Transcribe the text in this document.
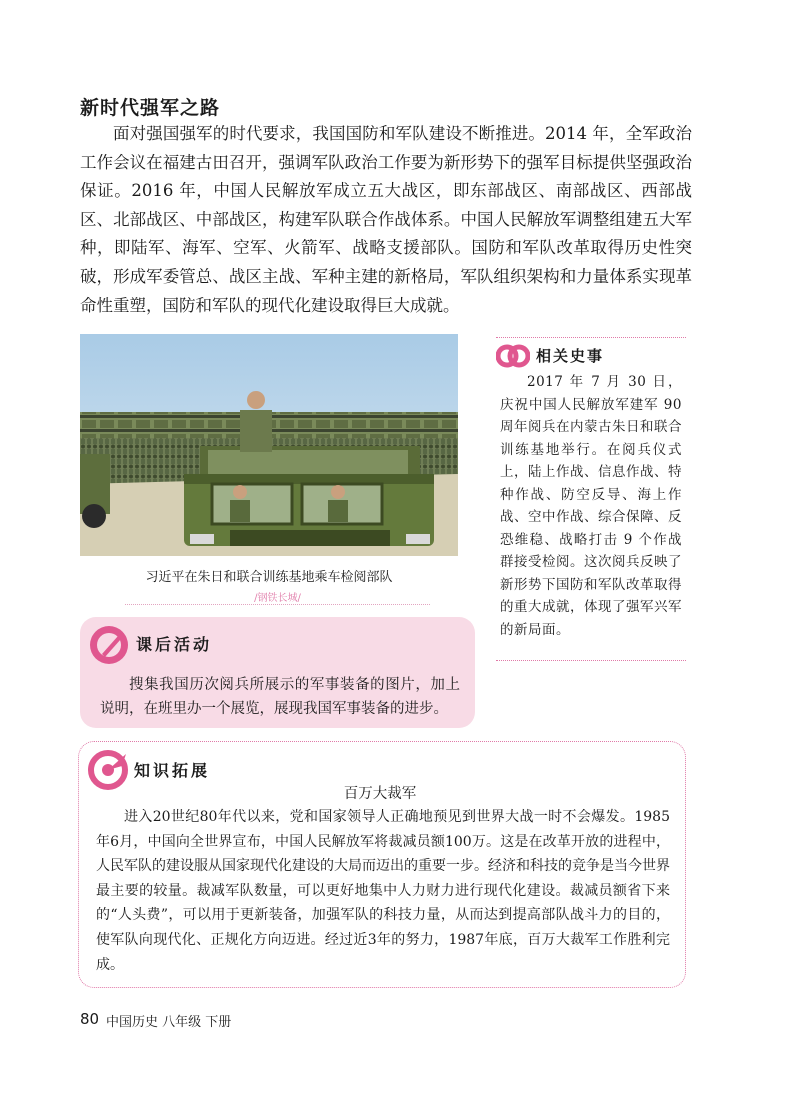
新时代强军之路

面对强国强军的时代要求，我国国防和军队建设不断推进。2014 年，全军政治工作会议在福建古田召开，强调军队政治工作要为新形势下的强军目标提供坚强政治保证。2016 年，中国人民解放军成立五大战区，即东部战区、南部战区、西部战区、北部战区、中部战区，构建军队联合作战体系。中国人民解放军调整组建五大军种，即陆军、海军、空军、火箭军、战略支援部队。国防和军队改革取得历史性突破，形成军委管总、战区主战、军种主建的新格局，军队组织架构和力量体系实现革命性重塑，国防和军队的现代化建设取得巨大成就。

习近平在朱日和联合训练基地乘车检阅部队
/钢铁长城/
相关史事

2017 年 7 月 30 日，庆祝中国人民解放军建军 90 周年阅兵在内蒙古朱日和联合训练基地举行。在阅兵仪式上，陆上作战、信息作战、特种作战、防空反导、海上作战、空中作战、综合保障、反恐维稳、战略打击 9 个作战群接受检阅。这次阅兵反映了新形势下国防和军队改革取得的重大成就，体现了强军兴军的新局面。

课后活动

搜集我国历次阅兵所展示的军事装备的图片，加上说明，在班里办一个展览，展现我国军事装备的进步。

知识拓展
百万大裁军

进入20世纪80年代以来，党和国家领导人正确地预见到世界大战一时不会爆发。1985年6月，中国向全世界宣布，中国人民解放军将裁减员额100万。这是在改革开放的进程中，人民军队的建设服从国家现代化建设的大局而迈出的重要一步。经济和科技的竞争是当今世界最主要的较量。裁减军队数量，可以更好地集中人力财力进行现代化建设。裁减员额省下来的“人头费”，可以用于更新装备，加强军队的科技力量，从而达到提高部队战斗力的目的，使军队向现代化、正规化方向迈进。经过近3年的努力，1987年底，百万大裁军工作胜利完成。

80 中国历史 八年级 下册
